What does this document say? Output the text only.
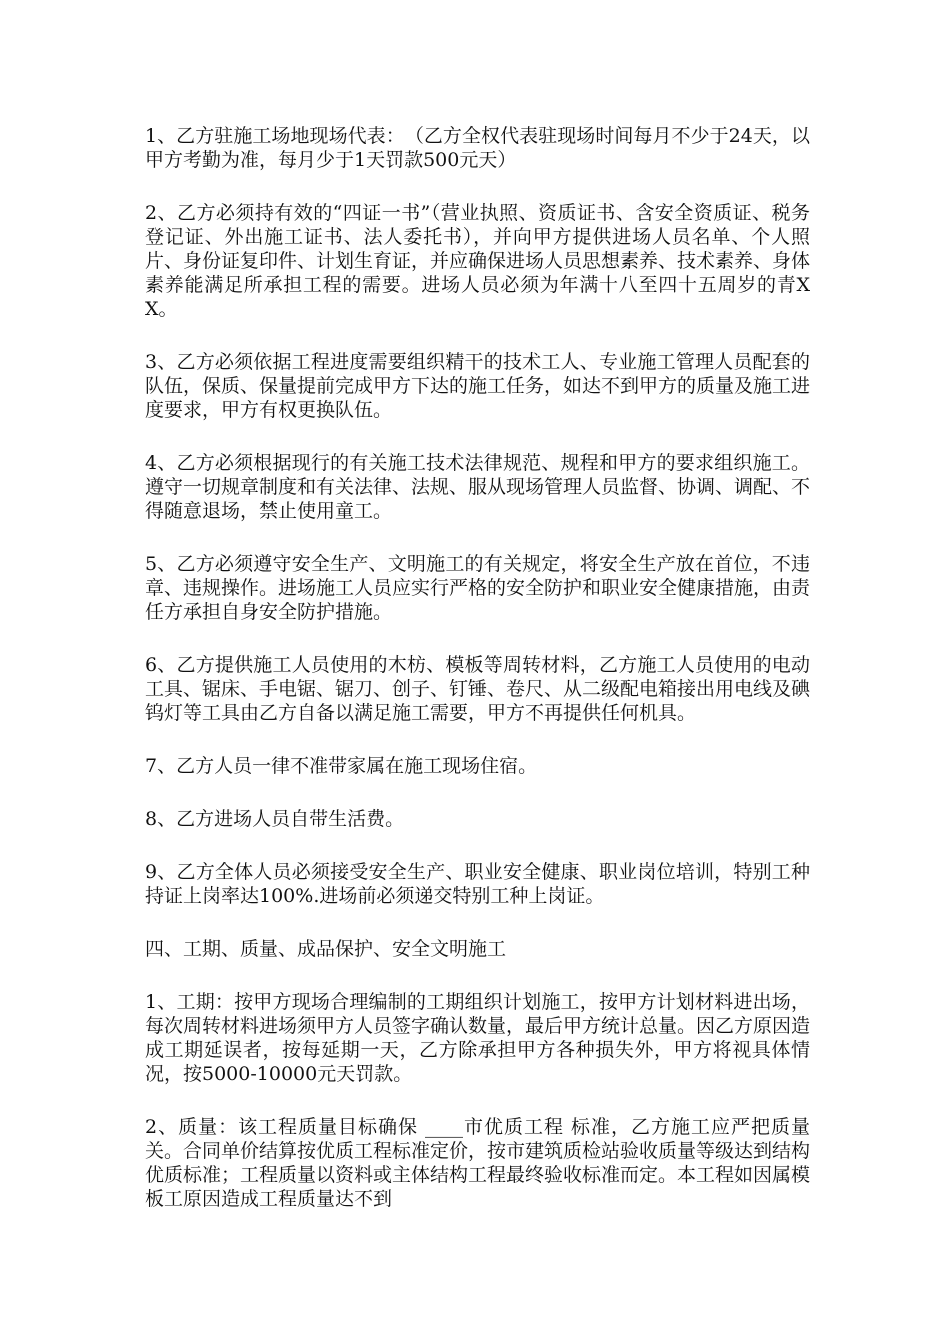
1、乙方驻施工场地现场代表：　（乙方全权代表驻现场时间每月不少于24天，以甲方考勤为准，每月少于1天罚款500元天）

2、乙方必须持有效的“四证一书”（营业执照、资质证书、含安全资质证、税务登记证、外出施工证书、法人委托书），并向甲方提供进场人员名单、个人照片、身份证复印件、计划生育证，并应确保进场人员思想素养、技术素养、身体素养能满足所承担工程的需要。进场人员必须为年满十八至四十五周岁的青XX。

3、乙方必须依据工程进度需要组织精干的技术工人、专业施工管理人员配套的队伍，保质、保量提前完成甲方下达的施工任务，如达不到甲方的质量及施工进度要求，甲方有权更换队伍。

4、乙方必须根据现行的有关施工技术法律规范、规程和甲方的要求组织施工。遵守一切规章制度和有关法律、法规、服从现场管理人员监督、协调、调配、不得随意退场，禁止使用童工。

5、乙方必须遵守安全生产、文明施工的有关规定，将安全生产放在首位，不违章、违规操作。进场施工人员应实行严格的安全防护和职业安全健康措施，由责任方承担自身安全防护措施。

6、乙方提供施工人员使用的木枋、模板等周转材料，乙方施工人员使用的电动工具、锯床、手电锯、锯刀、创子、钉锤、卷尺、从二级配电箱接出用电线及碘钨灯等工具由乙方自备以满足施工需要，甲方不再提供任何机具。

7、乙方人员一律不准带家属在施工现场住宿。

8、乙方进场人员自带生活费。

9、乙方全体人员必须接受安全生产、职业安全健康、职业岗位培训，特别工种持证上岗率达100%.进场前必须递交特别工种上岗证。

四、工期、质量、成品保护、安全文明施工

1、工期：按甲方现场合理编制的工期组织计划施工，按甲方计划材料进出场，每次周转材料进场须甲方人员签字确认数量，最后甲方统计总量。因乙方原因造成工期延误者，按每延期一天，乙方除承担甲方各种损失外，甲方将视具体情况，按5000-10000元天罚款。

2、质量：该工程质量目标确保 ____市优质工程 标准，乙方施工应严把质量关。合同单价结算按优质工程标准定价，按市建筑质检站验收质量等级达到结构优质标准；工程质量以资料或主体结构工程最终验收标准而定。本工程如因属模板工原因造成工程质量达不到
